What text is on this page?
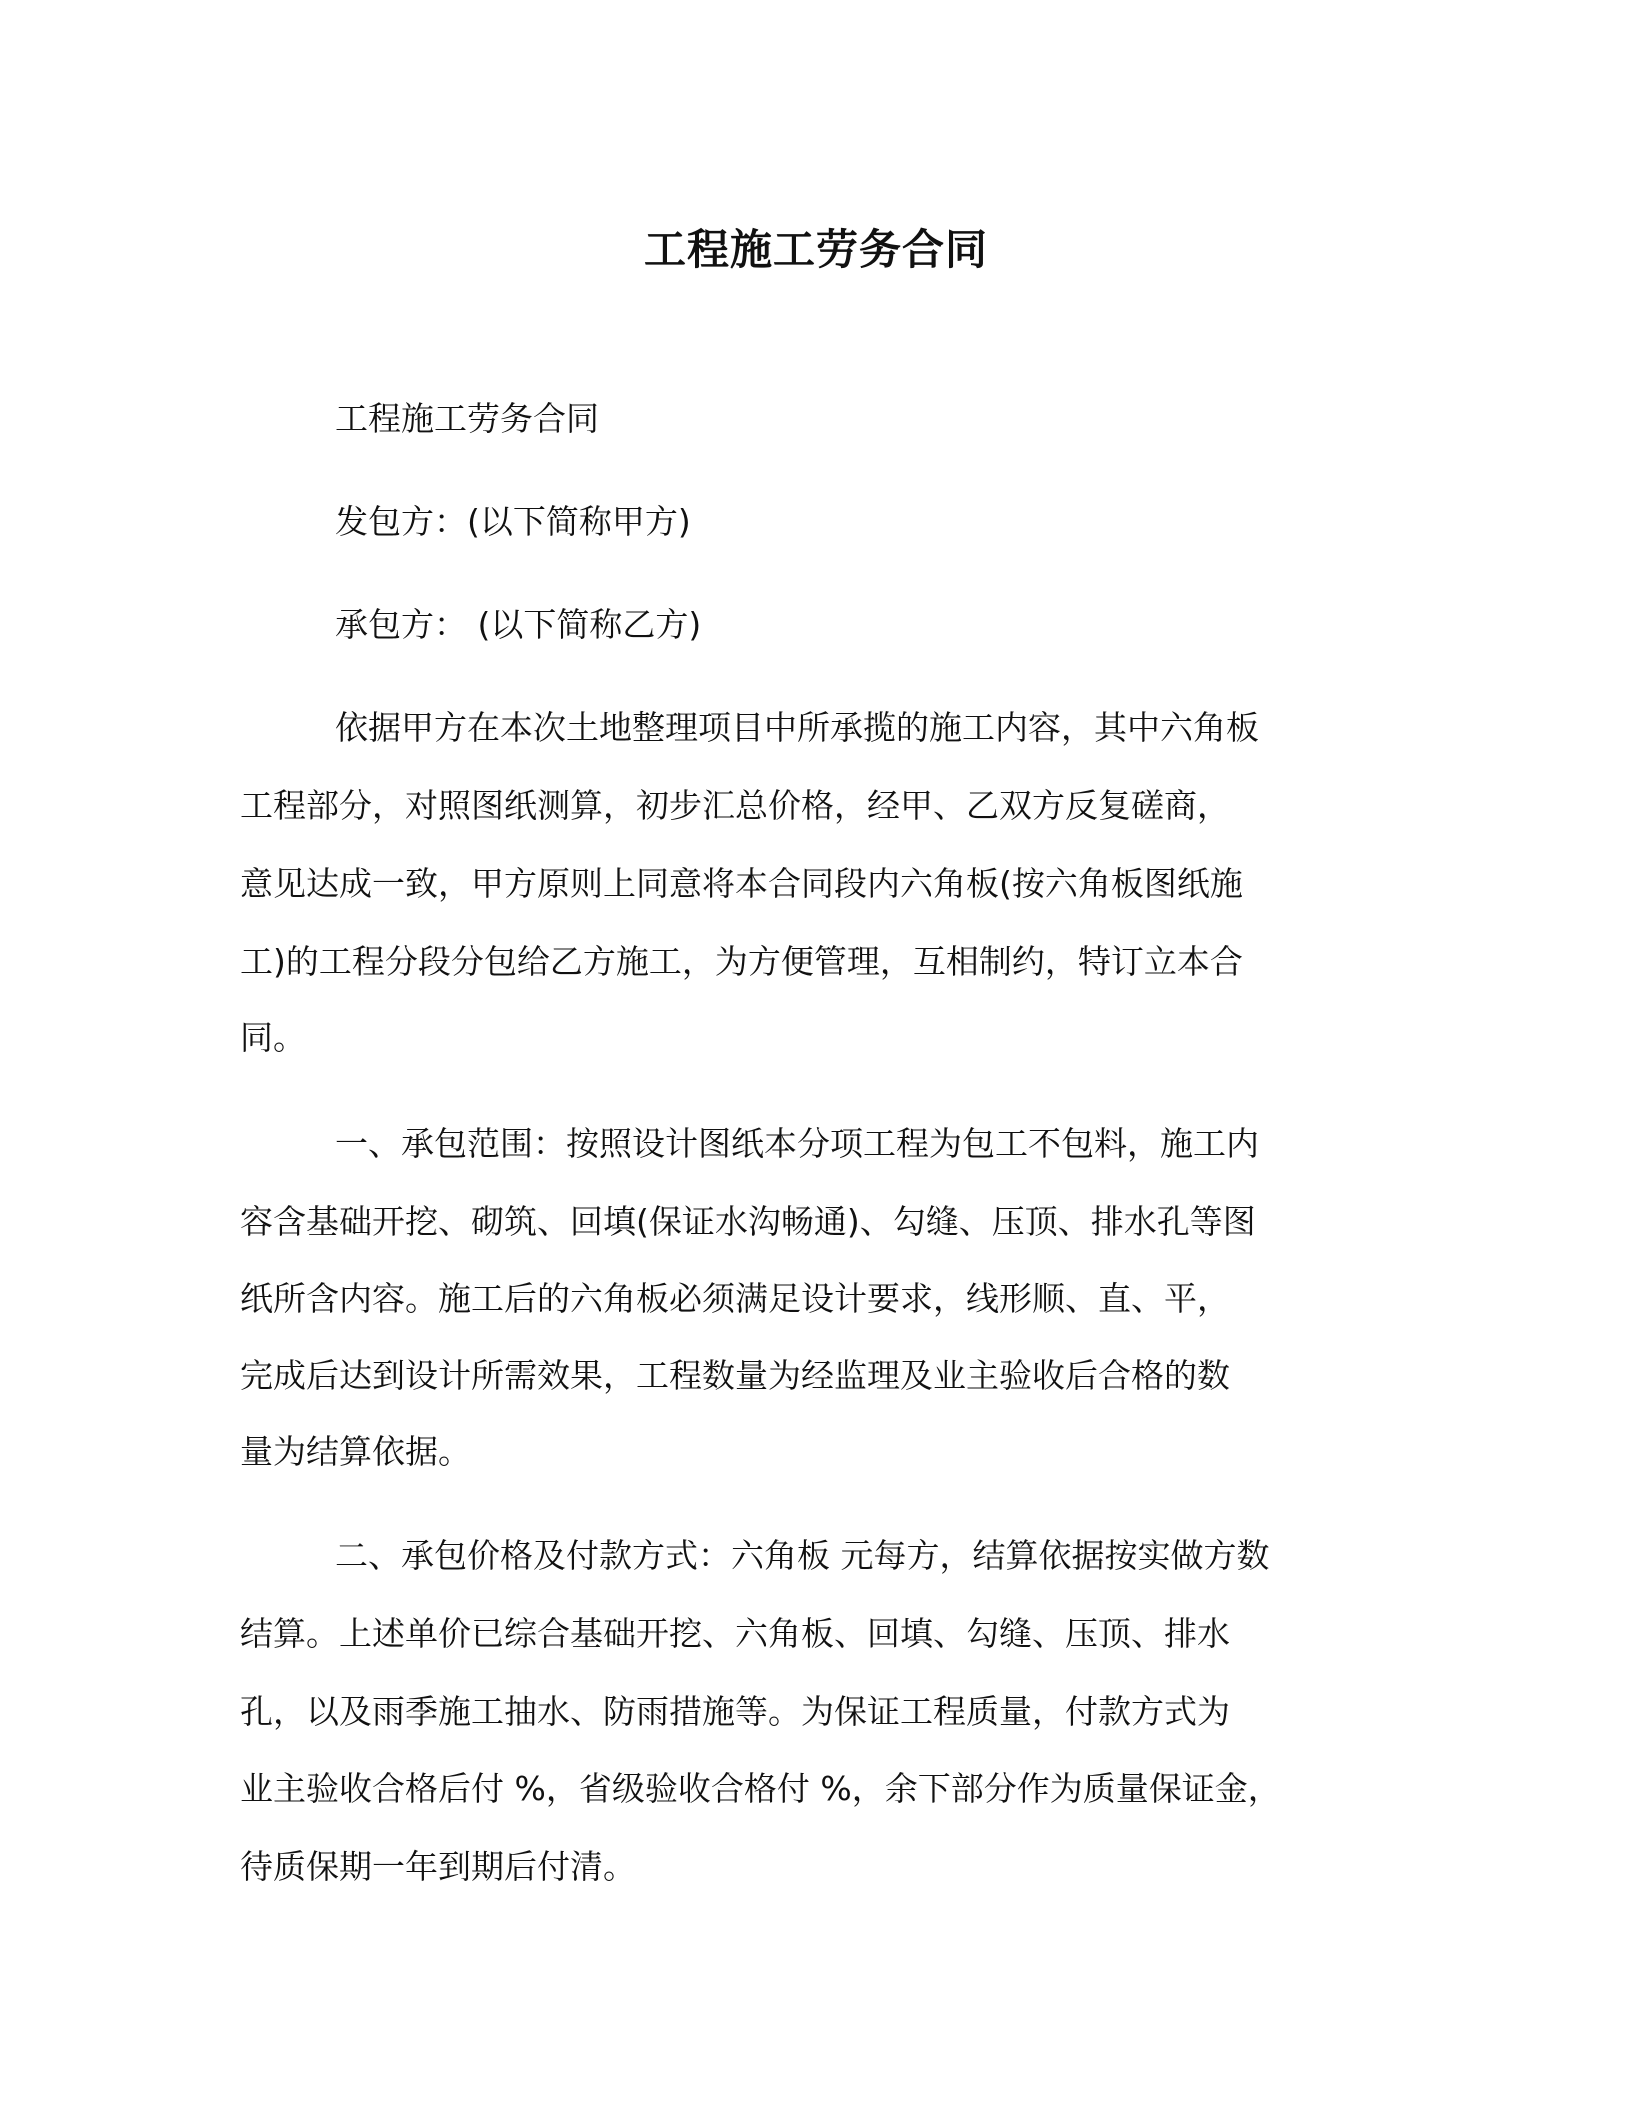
工程施工劳务合同
工程施工劳务合同
发包方：(以下简称甲方)
承包方： (以下简称乙方)
依据甲方在本次土地整理项目中所承揽的施工内容，其中六角板
工程部分，对照图纸测算，初步汇总价格，经甲、乙双方反复磋商，
意见达成一致，甲方原则上同意将本合同段内六角板(按六角板图纸施
工)的工程分段分包给乙方施工，为方便管理，互相制约，特订立本合
同。
一、承包范围：按照设计图纸本分项工程为包工不包料，施工内
容含基础开挖、砌筑、回填(保证水沟畅通)、勾缝、压顶、排水孔等图
纸所含内容。施工后的六角板必须满足设计要求，线形顺、直、平，
完成后达到设计所需效果，工程数量为经监理及业主验收后合格的数
量为结算依据。
二、承包价格及付款方式：六角板 元每方，结算依据按实做方数
结算。上述单价已综合基础开挖、六角板、回填、勾缝、压顶、排水
孔，以及雨季施工抽水、防雨措施等。为保证工程质量，付款方式为
业主验收合格后付 %，省级验收合格付 %，余下部分作为质量保证金，
待质保期一年到期后付清。
